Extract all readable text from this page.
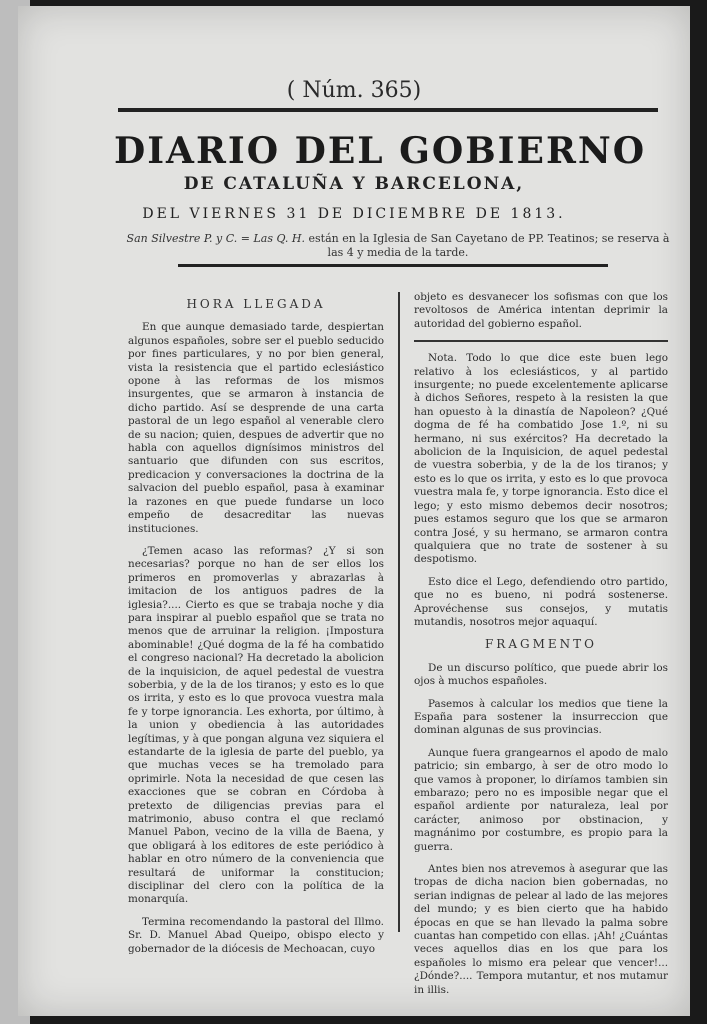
( Núm. 365)
DIARIO DEL GOBIERNO
DE CATALUÑA Y BARCELONA,
DEL VIERNES 31 DE DICIEMBRE DE 1813.
San Silvestre P. y C. = Las Q. H. están en la Iglesia de San Cayetano de PP. Teatinos; se reserva à las 4 y media de la tarde.
HORA LLEGADA

En que aunque demasiado tarde, despiertan algunos españoles, sobre ser el pueblo seducido por fines particulares, y no por bien general, vista la resistencia que el partido eclesiástico opone à las reformas de los mismos insurgentes, que se armaron à instancia de dicho partido. Así se desprende de una carta pastoral de un lego español al venerable clero de su nacion; quien, despues de advertir que no habla con aquellos dignísimos ministros del santuario que difunden con sus escritos, predicacion y conversaciones la doctrina de la salvacion del pueblo español, pasa à examinar la razones en que puede fundarse un loco empeño de desacreditar las nuevas instituciones.

¿Temen acaso las reformas? ¿Y si son necesarias? porque no han de ser ellos los primeros en promoverlas y abrazarlas à imitacion de los antiguos padres de la iglesia?.... Cierto es que se trabaja noche y dia para inspirar al pueblo español que se trata no menos que de arruinar la religion. ¡Impostura abominable! ¿Qué dogma de la fé ha combatido el congreso nacional? Ha decretado la abolicion de la inquisicion, de aquel pedestal de vuestra soberbia, y de la de los tiranos; y esto es lo que os irrita, y esto es lo que provoca vuestra mala fe y torpe ignorancia. Les exhorta, por último, à la union y obediencia à las autoridades legítimas, y à que pongan alguna vez siquiera el estandarte de la iglesia de parte del pueblo, ya que muchas veces se ha tremolado para oprimirle. Nota la necesidad de que cesen las exacciones que se cobran en Córdoba à pretexto de diligencias previas para el matrimonio, abuso contra el que reclamó Manuel Pabon, vecino de la villa de Baena, y que obligará à los editores de este periódico à hablar en otro número de la conveniencia que resultará de uniformar la constitucion; disciplinar del clero con la política de la monarquía.

Termina recomendando la pastoral del Illmo. Sr. D. Manuel Abad Queipo, obispo electo y gobernador de la diócesis de Mechoacan, cuyo

objeto es desvanecer los sofismas con que los revoltosos de América intentan deprimir la autoridad del gobierno español.

Nota. Todo lo que dice este buen lego relativo à los eclesiásticos, y al partido insurgente; no puede excelentemente aplicarse à dichos Señores, respeto à la resisten la que han opuesto à la dinastía de Napoleon? ¿Qué dogma de fé ha combatido Jose 1.º, ni su hermano, ni sus exércitos? Ha decretado la abolicion de la Inquisicion, de aquel pedestal de vuestra soberbia, y de la de los tiranos; y esto es lo que os irrita, y esto es lo que provoca vuestra mala fe, y torpe ignorancia. Esto dice el lego; y esto mismo debemos decir nosotros; pues estamos seguro que los que se armaron contra José, y su hermano, se armaron contra qualquiera que no trate de sostener à su despotismo.

Esto dice el Lego, defendiendo otro partido, que no es bueno, ni podrá sostenerse. Aprovéchense sus consejos, y mutatis mutandis, nosotros mejor aquaquí.

FRAGMENTO

De un discurso político, que puede abrir los ojos à muchos españoles.

Pasemos à calcular los medios que tiene la España para sostener la insurreccion que dominan algunas de sus provincias.

Aunque fuera grangearnos el apodo de malo patricio; sin embargo, à ser de otro modo lo que vamos à proponer, lo diríamos tambien sin embarazo; pero no es imposible negar que el español ardiente por naturaleza, leal por carácter, animoso por obstinacion, y magnánimo por costumbre, es propio para la guerra.

Antes bien nos atrevemos à asegurar que las tropas de dicha nacion bien gobernadas, no serian indignas de pelear al lado de las mejores del mundo; y es bien cierto que ha habido épocas en que se han llevado la palma sobre cuantas han competido con ellas. ¡Ah! ¿Cuántas veces aquellos dias en los que para los españoles lo mismo era pelear que vencer!... ¿Dónde?.... Tempora mutantur, et nos mutamur in illis.
